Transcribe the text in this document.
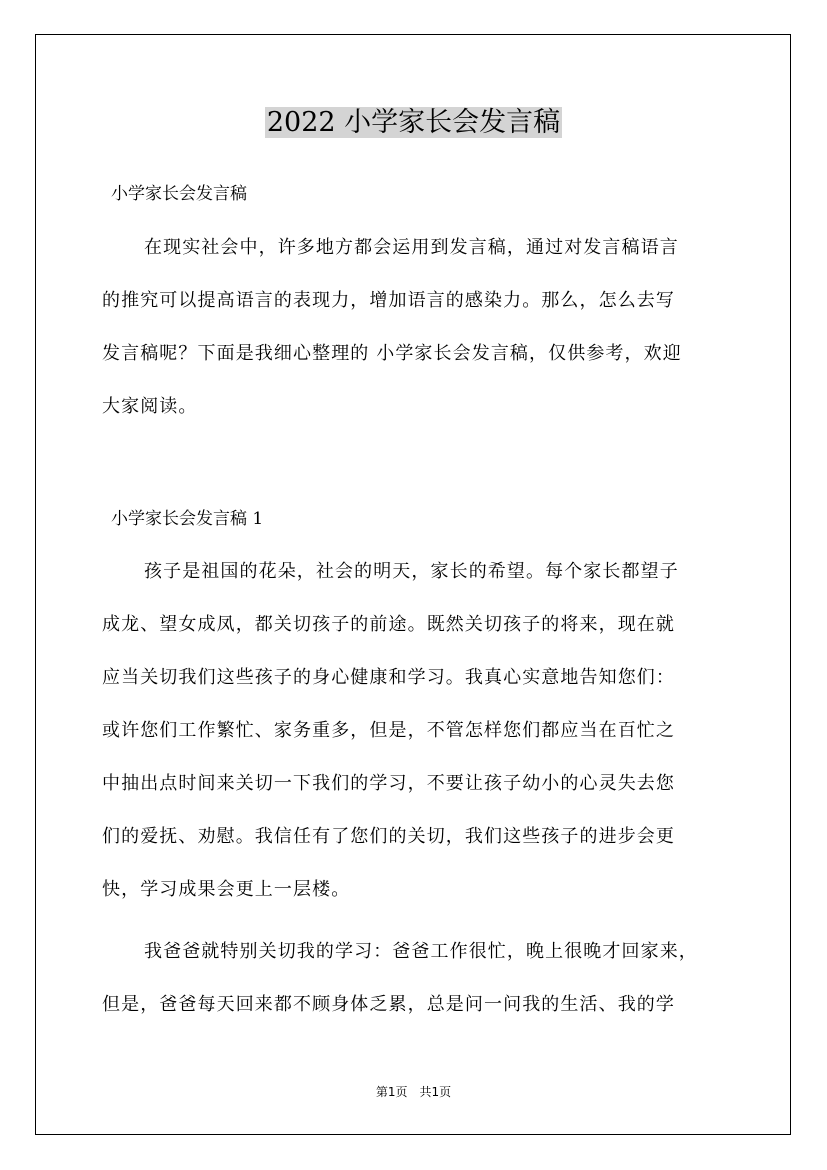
2022 小学家长会发言稿

小学家长会发言稿

在现实社会中，许多地方都会运用到发言稿，通过对发言稿语言
的推究可以提高语言的表现力，增加语言的感染力。那么，怎么去写
发言稿呢？下面是我细心整理的 小学家长会发言稿，仅供参考，欢迎
大家阅读。

小学家长会发言稿 1

孩子是祖国的花朵，社会的明天，家长的希望。每个家长都望子
成龙、望女成凤，都关切孩子的前途。既然关切孩子的将来，现在就
应当关切我们这些孩子的身心健康和学习。我真心实意地告知您们：
或许您们工作繁忙、家务重多，但是，不管怎样您们都应当在百忙之
中抽出点时间来关切一下我们的学习，不要让孩子幼小的心灵失去您
们的爱抚、劝慰。我信任有了您们的关切，我们这些孩子的进步会更
快，学习成果会更上一层楼。
我爸爸就特别关切我的学习：爸爸工作很忙，晚上很晚才回家来，
但是，爸爸每天回来都不顾身体乏累，总是问一问我的生活、我的学

第1页　共1页
